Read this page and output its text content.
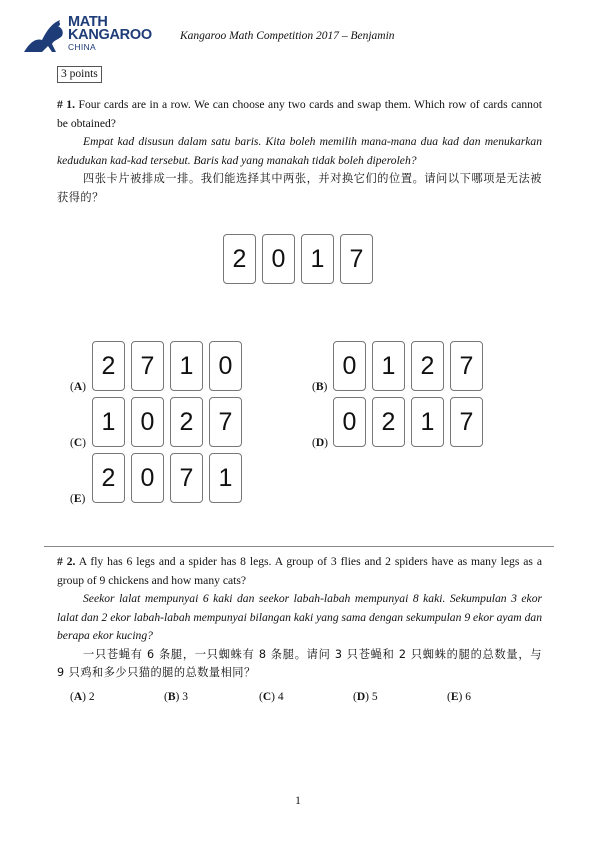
MATH
KANGAROO
CHINA
Kangaroo Math Competition 2017 – Benjamin
3 points
# 1. Four cards are in a row. We can choose any two cards and swap them. Which row of cards cannot be obtained?
Empat kad disusun dalam satu baris. Kita boleh memilih mana-mana dua kad dan menukarkan kedudukan kad-kad tersebut. Baris kad yang manakah tidak boleh diperoleh?
四张卡片被排成一排。我们能选择其中两张，并对换它们的位置。请问以下哪项是无法被获得的？
2	0	1	7
(A)
2	7	1	0
(B)
0	1	2	7
(C)
1	0	2	7
(D)
0	2	1	7
(E)
2	0	7	1
# 2. A fly has 6 legs and a spider has 8 legs. A group of 3 flies and 2 spiders have as many legs as a group of 9 chickens and how many cats?
Seekor lalat mempunyai 6 kaki dan seekor labah-labah mempunyai 8 kaki. Sekumpulan 3 ekor lalat dan 2 ekor labah-labah mempunyai bilangan kaki yang sama dengan sekumpulan 9 ekor ayam dan berapa ekor kucing?
一只苍蝇有 6 条腿，一只蜘蛛有 8 条腿。请问 3 只苍蝇和 2 只蜘蛛的腿的总数量，与 9 只鸡和多少只猫的腿的总数量相同？
(A) 2	(B) 3	(C) 4	(D) 5	(E) 6
1
